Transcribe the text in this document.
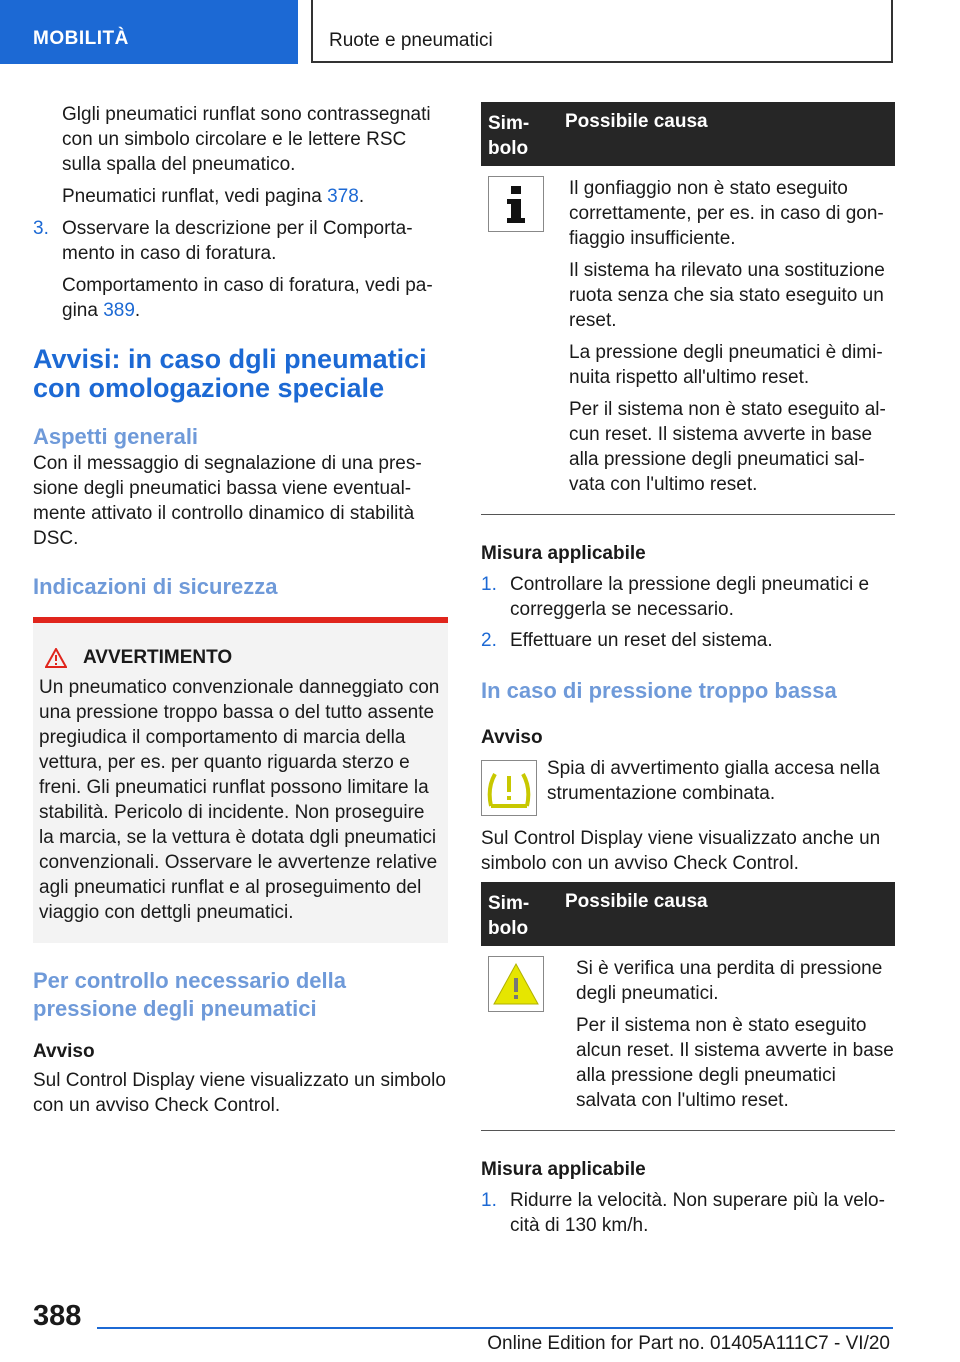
MOBILITÀ	Ruote e pneumatici

Glgli pneumatici runflat sono contrassegnati con un simbolo circolare e le lettere RSC sulla spalla del pneumatico.

Pneumatici runflat, vedi pagina 378.

3. Osservare la descrizione per il Comporta- mento in caso di foratura.

Comportamento in caso di foratura, vedi pa- gina 389.

Avvisi: in caso dgli pneumatici con omologazione speciale
Aspetti generali

Con il messaggio di segnalazione di una pres- sione degli pneumatici bassa viene eventual- mente attivato il controllo dinamico di stabilità DSC.

Indicazioni di sicurezza
AVVERTIMENTO

Un pneumatico convenzionale danneggiato con una pressione troppo bassa o del tutto assente pregiudica il comportamento di marcia della vettura, per es. per quanto riguarda sterzo e freni. Gli pneumatici runflat possono limitare la stabilità. Pericolo di incidente. Non proseguire la marcia, se la vettura è dotata dgli pneumatici convenzionali. Osservare le avvertenze relative agli pneumatici runflat e al proseguimento del viaggio con dettgli pneumatici.

Per controllo necessario della pressione degli pneumatici
Avviso

Sul Control Display viene visualizzato un simbolo con un avviso Check Control.

Sim- bolo
Possibile causa

Il gonfiaggio non è stato eseguito correttamente, per es. in caso di gon- fiaggio insufficiente.

Il sistema ha rilevato una sostituzione ruota senza che sia stato eseguito un reset.

La pressione degli pneumatici è dimi- nuita rispetto all'ultimo reset.

Per il sistema non è stato eseguito al- cun reset. Il sistema avverte in base alla pressione degli pneumatici sal- vata con l'ultimo reset.

Misura applicabile
1. Controllare la pressione degli pneumatici e correggerla se necessario.
2. Effettuare un reset del sistema.
In caso di pressione troppo bassa
Avviso

Spia di avvertimento gialla accesa nella strumentazione combinata.

Sul Control Display viene visualizzato anche un simbolo con un avviso Check Control.

Sim- bolo
Possibile causa

Si è verifica una perdita di pressione degli pneumatici.

Per il sistema non è stato eseguito alcun reset. Il sistema avverte in base alla pressione degli pneumatici salvata con l'ultimo reset.

Misura applicabile
1. Ridurre la velocità. Non superare più la velo- cità di 130 km/h.
388
Online Edition for Part no. 01405A111C7 - VI/20
